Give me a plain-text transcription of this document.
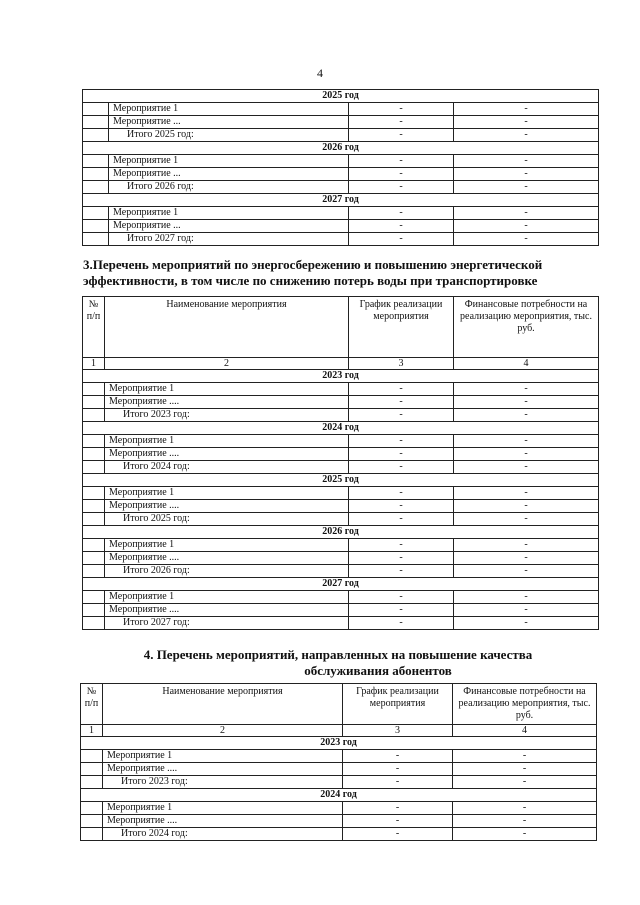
4
2025 год			
	Мероприятие 1	-	-
	Мероприятие ...	-	-
	Итого 2025 год:	-	-
2026 год			
	Мероприятие 1	-	-
	Мероприятие ...	-	-
	Итого 2026 год:	-	-
2027 год			
	Мероприятие 1	-	-
	Мероприятие ...	-	-
	Итого 2027 год:	-	-
3.Перечень мероприятий по энергосбережению и повышению энергетической эффективности, в том числе по снижению потерь воды при транспортировке
№ п/п	Наименование мероприятия	График реализации мероприятия	Финансовые потребности на реализацию мероприятия, тыс. руб.
1	2	3	4
2023 год			
	Мероприятие 1	-	-
	Мероприятие ....	-	-
	Итого 2023 год:	-	-
2024 год			
	Мероприятие 1	-	-
	Мероприятие ....	-	-
	Итого 2024 год:	-	-
2025 год			
	Мероприятие 1	-	-
	Мероприятие ....	-	-
	Итого 2025 год:	-	-
2026 год			
	Мероприятие 1	-	-
	Мероприятие ....	-	-
	Итого 2026 год:	-	-
2027 год			
	Мероприятие 1	-	-
	Мероприятие ....	-	-
	Итого 2027 год:	-	-
4. Перечень мероприятий, направленных на повышение качества
обслуживания абонентов
№ п/п	Наименование мероприятия	График реализации мероприятия	Финансовые потребности на реализацию мероприятия, тыс. руб.
1	2	3	4
2023 год			
	Мероприятие 1	-	-
	Мероприятие ....	-	-
	Итого 2023 год:	-	-
2024 год			
	Мероприятие 1	-	-
	Мероприятие ....	-	-
	Итого 2024 год:	-	-
